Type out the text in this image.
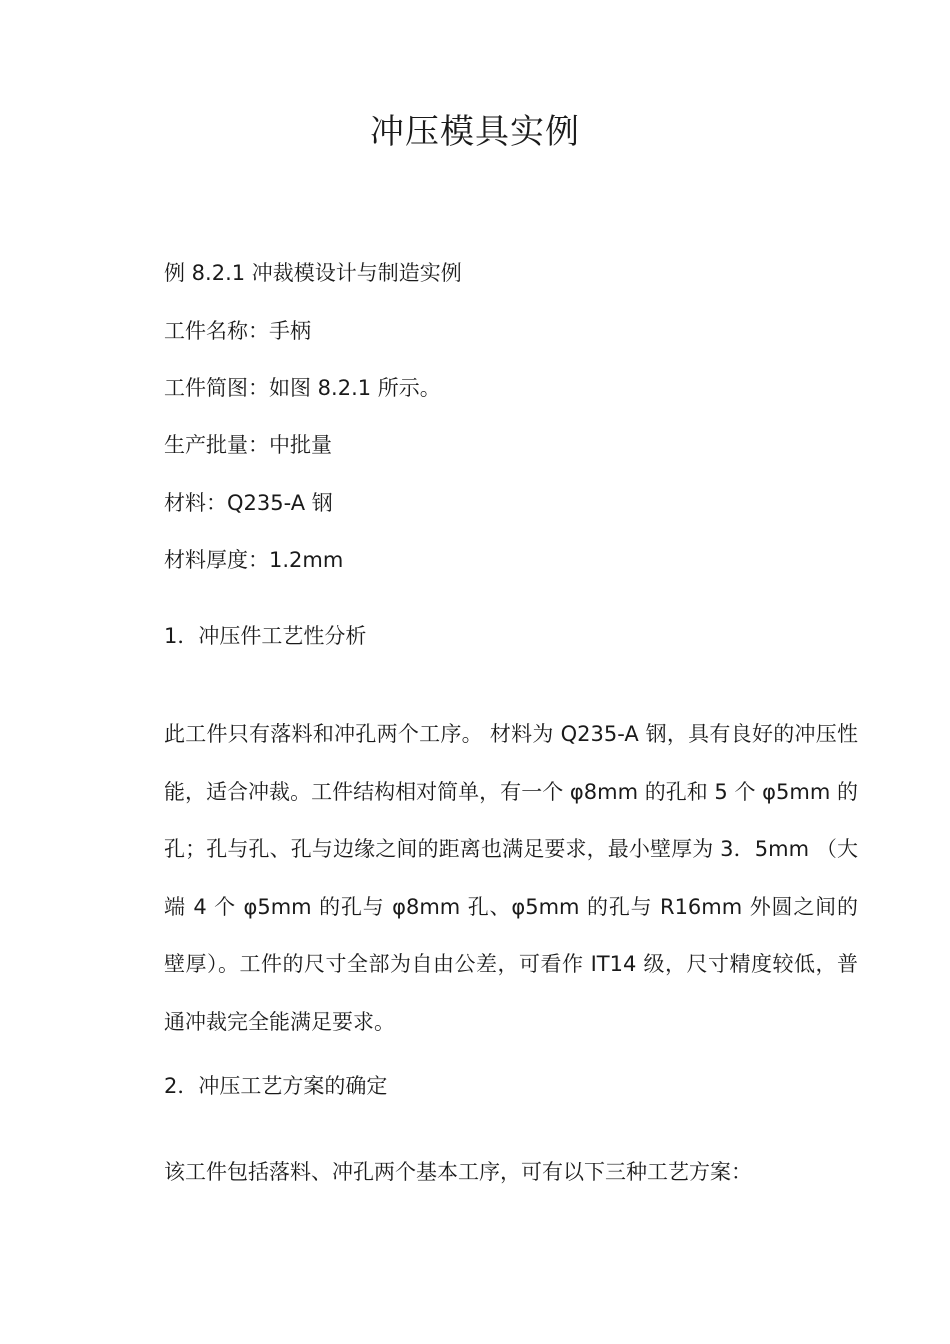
冲压模具实例

例 8.2.1 冲裁模设计与制造实例

工件名称：手柄

工件简图：如图 8.2.1 所示。

生产批量：中批量

材料：Q235-A 钢

材料厚度：1.2mm

1．冲压件工艺性分析

此工件只有落料和冲孔两个工序。 材料为 Q235-A 钢，具有良好的冲压性能，适合冲裁。工件结构相对简单，有一个 φ8mm 的孔和 5 个 φ5mm 的孔；孔与孔、孔与边缘之间的距离也满足要求，最小壁厚为 3．5mm （大端 4 个 φ5mm 的孔与 φ8mm 孔、φ5mm 的孔与 R16mm 外圆之间的壁厚）。工件的尺寸全部为自由公差，可看作 IT14 级，尺寸精度较低，普通冲裁完全能满足要求。

2．冲压工艺方案的确定

该工件包括落料、冲孔两个基本工序，可有以下三种工艺方案：
